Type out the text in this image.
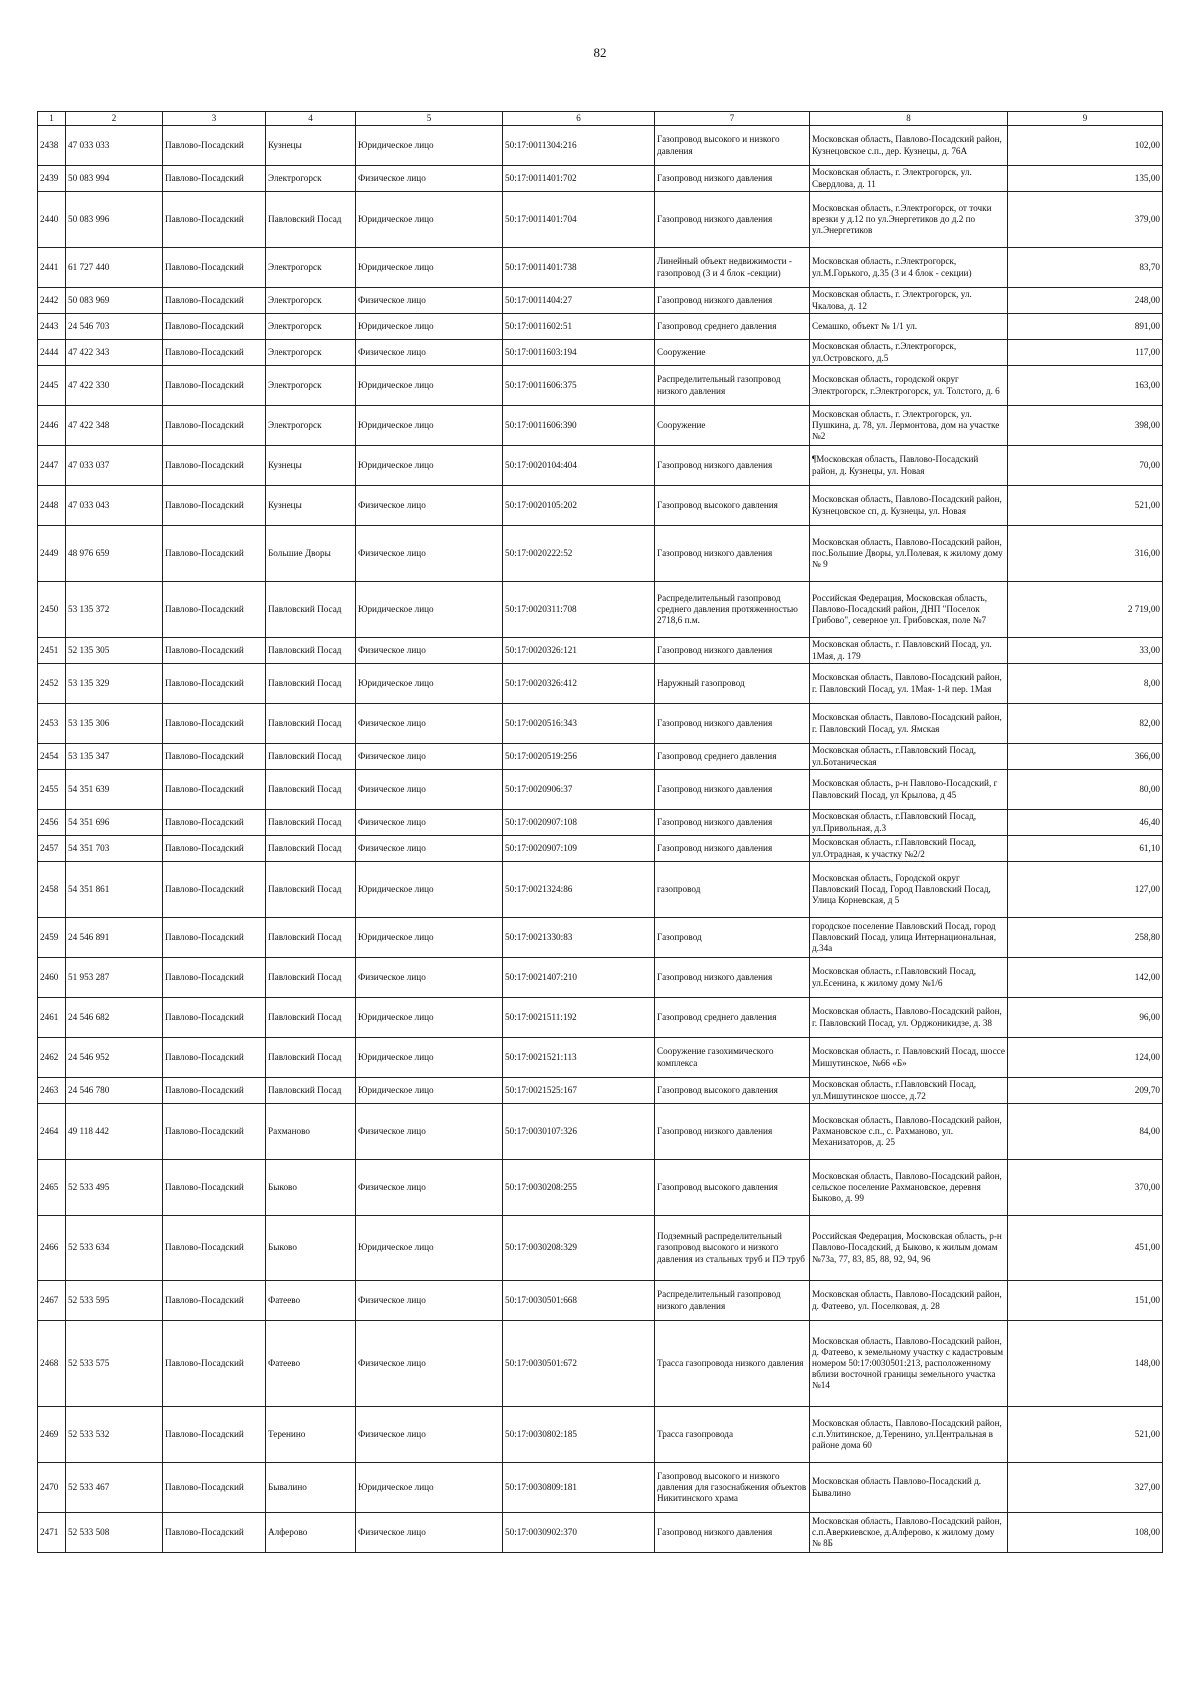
82
1	2	3	4	5	6	7	8	9
2438	47 033 033	Павлово-Посадский	Кузнецы	Юридическое лицо	50:17:0011304:216	Газопровод высокого и низкого давления	Московская область, Павлово-Посадский район, Кузнецовское с.п., дер. Кузнецы, д. 76А	102,00
2439	50 083 994	Павлово-Посадский	Электрогорск	Физическое лицо	50:17:0011401:702	Газопровод низкого давления	Московская область, г. Электрогорск, ул. Свердлова, д. 11	135,00
2440	50 083 996	Павлово-Посадский	Павловский Посад	Юридическое лицо	50:17:0011401:704	Газопровод низкого давления	Московская область, г.Электрогорск, от точки врезки у д.12 по ул.Энергетиков до д.2 по ул.Энергетиков	379,00
2441	61 727 440	Павлово-Посадский	Электрогорск	Юридическое лицо	50:17:0011401:738	Линейный объект недвижимости - газопровод (3 и 4 блок -секции)	Московская область, г.Электрогорск, ул.М.Горького, д.35 (3 и 4 блок - секции)	83,70
2442	50 083 969	Павлово-Посадский	Электрогорск	Физическое лицо	50:17:0011404:27	Газопровод низкого давления	Московская область, г. Электрогорск, ул. Чкалова, д. 12	248,00
2443	24 546 703	Павлово-Посадский	Электрогорск	Юридическое лицо	50:17:0011602:51	Газопровод среднего давления	Семашко, объект № 1/1 ул.	891,00
2444	47 422 343	Павлово-Посадский	Электрогорск	Физическое лицо	50:17:0011603:194	Сооружение	Московская область, г.Электрогорск, ул.Островского, д.5	117,00
2445	47 422 330	Павлово-Посадский	Электрогорск	Юридическое лицо	50:17:0011606:375	Распределительный газопровод низкого давления	Московская область, городской округ Электрогорск, г.Электрогорск, ул. Толстого, д. 6	163,00
2446	47 422 348	Павлово-Посадский	Электрогорск	Юридическое лицо	50:17:0011606:390	Сооружение	Московская область, г. Электрогорск, ул. Пушкина, д. 78, ул. Лермонтова, дом на участке №2	398,00
2447	47 033 037	Павлово-Посадский	Кузнецы	Юридическое лицо	50:17:0020104:404	Газопровод низкого давления	¶Московская область, Павлово-Посадский район, д. Кузнецы, ул. Новая	70,00
2448	47 033 043	Павлово-Посадский	Кузнецы	Физическое лицо	50:17:0020105:202	Газопровод высокого давления	Московская область, Павлово-Посадский район, Кузнецовское сп, д. Кузнецы, ул. Новая	521,00
2449	48 976 659	Павлово-Посадский	Большие Дворы	Физическое лицо	50:17:0020222:52	Газопровод низкого давления	Московская область, Павлово-Посадский район, пос.Большие Дворы, ул.Полевая, к жилому дому № 9	316,00
2450	53 135 372	Павлово-Посадский	Павловский Посад	Юридическое лицо	50:17:0020311:708	Распределительный газопровод среднего давления протяженностью 2718,6 п.м.	Российская Федерация, Московская область, Павлово-Посадский район, ДНП "Поселок Грибово", северное ул. Грибовская, поле №7	2 719,00
2451	52 135 305	Павлово-Посадский	Павловский Посад	Физическое лицо	50:17:0020326:121	Газопровод низкого давления	Московская область, г. Павловский Посад, ул. 1Мая, д. 179	33,00
2452	53 135 329	Павлово-Посадский	Павловский Посад	Юридическое лицо	50:17:0020326:412	Наружный газопровод	Московская область, Павлово-Посадский район, г. Павловский Посад, ул. 1Мая- 1-й пер. 1Мая	8,00
2453	53 135 306	Павлово-Посадский	Павловский Посад	Физическое лицо	50:17:0020516:343	Газопровод низкого давления	Московская область, Павлово-Посадский район, г. Павловский Посад, ул. Ямская	82,00
2454	53 135 347	Павлово-Посадский	Павловский Посад	Физическое лицо	50:17:0020519:256	Газопровод среднего давления	Московская область, г.Павловский Посад, ул.Ботаническая	366,00
2455	54 351 639	Павлово-Посадский	Павловский Посад	Физическое лицо	50:17:0020906:37	Газопровод низкого давления	Московская область, р-н Павлово-Посадский, г Павловский Посад, ул Крылова, д 45	80,00
2456	54 351 696	Павлово-Посадский	Павловский Посад	Физическое лицо	50:17:0020907:108	Газопровод низкого давления	Московская область, г.Павловский Посад, ул.Привольная, д.3	46,40
2457	54 351 703	Павлово-Посадский	Павловский Посад	Физическое лицо	50:17:0020907:109	Газопровод низкого давления	Московская область, г.Павловский Посад, ул.Отрадная, к участку №2/2	61,10
2458	54 351 861	Павлово-Посадский	Павловский Посад	Юридическое лицо	50:17:0021324:86	газопровод	Московская область, Городской округ Павловский Посад, Город Павловский Посад, Улица Корневская, д 5	127,00
2459	24 546 891	Павлово-Посадский	Павловский Посад	Юридическое лицо	50:17:0021330:83	Газопровод	городское поселение Павловский Посад, город Павловский Посад, улица Интернациональная, д.34а	258,80
2460	51 953 287	Павлово-Посадский	Павловский Посад	Физическое лицо	50:17:0021407:210	Газопровод низкого давления	Московская область, г.Павловский Посад, ул.Есенина, к жилому дому №1/6	142,00
2461	24 546 682	Павлово-Посадский	Павловский Посад	Юридическое лицо	50:17:0021511:192	Газопровод среднего давления	Московская область, Павлово-Посадский район, г. Павловский Посад, ул. Орджоникидзе, д. 38	96,00
2462	24 546 952	Павлово-Посадский	Павловский Посад	Юридическое лицо	50:17:0021521:113	Сооружение газохимического комплекса	Московская область, г. Павловский Посад, шоссе Мишутинское, №66 «Б»	124,00
2463	24 546 780	Павлово-Посадский	Павловский Посад	Юридическое лицо	50:17:0021525:167	Газопровод высокого давления	Московская область, г.Павловский Посад, ул.Мишутинское шоссе, д.72	209,70
2464	49 118 442	Павлово-Посадский	Рахманово	Физическое лицо	50:17:0030107:326	Газопровод низкого давления	Московская область, Павлово-Посадский район, Рахмановское с.п., с. Рахманово, ул. Механизаторов, д. 25	84,00
2465	52 533 495	Павлово-Посадский	Быково	Физическое лицо	50:17:0030208:255	Газопровод высокого давления	Московская область, Павлово-Посадский район, сельское поселение Рахмановское, деревня Быково, д. 99	370,00
2466	52 533 634	Павлово-Посадский	Быково	Юридическое лицо	50:17:0030208:329	Подземный распределительный газопровод высокого и низкого давления из стальных труб и ПЭ труб	Российская Федерация, Московская область, р-н Павлово-Посадский, д Быково, к жилым домам №73а, 77, 83, 85, 88, 92, 94, 96	451,00
2467	52 533 595	Павлово-Посадский	Фатеево	Физическое лицо	50:17:0030501:668	Распределительный газопровод низкого давления	Московская область, Павлово-Посадский район, д. Фатеево, ул. Поселковая, д. 28	151,00
2468	52 533 575	Павлово-Посадский	Фатеево	Физическое лицо	50:17:0030501:672	Трасса газопровода низкого давления	Московская область, Павлово-Посадский район, д. Фатеево, к земельному участку с кадастровым номером 50:17:0030501:213, расположенному вблизи восточной границы земельного участка №14	148,00
2469	52 533 532	Павлово-Посадский	Теренино	Физическое лицо	50:17:0030802:185	Трасса газопровода	Московская область, Павлово-Посадский район, с.п.Улитинское, д.Теренино, ул.Центральная в районе дома 60	521,00
2470	52 533 467	Павлово-Посадский	Бывалино	Юридическое лицо	50:17:0030809:181	Газопровод высокого и низкого давления для газоснабжения объектов Никитинского храма	Московская область Павлово-Посадский д. Бывалино	327,00
2471	52 533 508	Павлово-Посадский	Алферово	Физическое лицо	50:17:0030902:370	Газопровод низкого давления	Московская область, Павлово-Посадский район, с.п.Аверкиевское, д.Алферово, к жилому дому № 8Б	108,00
